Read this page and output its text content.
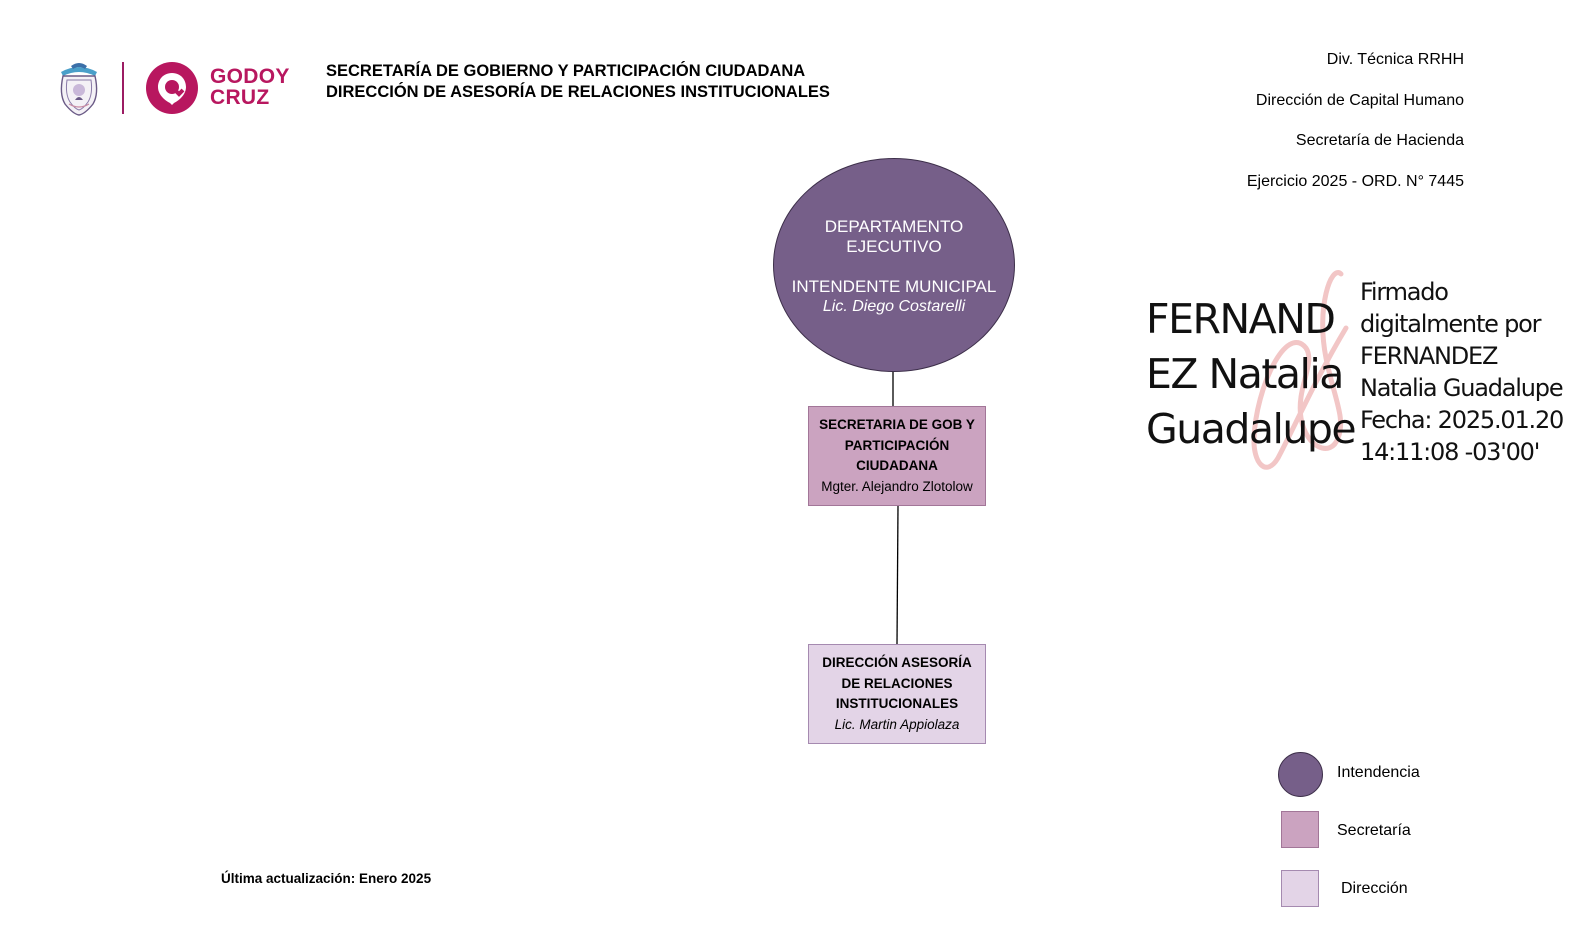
GODOY
CRUZ
SECRETARÍA DE GOBIERNO Y PARTICIPACIÓN CIUDADANA
DIRECCIÓN DE ASESORÍA DE RELACIONES INSTITUCIONALES
Div. Técnica RRHH
Dirección de Capital Humano
Secretaría de Hacienda
Ejercicio 2025 - ORD. N° 7445
FERNAND
EZ Natalia
Guadalupe
Firmado
digitalmente por
FERNANDEZ
Natalia Guadalupe
Fecha: 2025.01.20
14:11:08 -03'00'
DEPARTAMENTO
EJECUTIVO
INTENDENTE MUNICIPAL
Lic. Diego Costarelli
SECRETARIA DE GOB Y
PARTICIPACIÓN
CIUDADANA
Mgter. Alejandro Zlotolow
DIRECCIÓN ASESORÍA
DE RELACIONES
INSTITUCIONALES
Lic. Martin Appiolaza
Intendencia
Secretaría
Dirección
Última actualización: Enero 2025
